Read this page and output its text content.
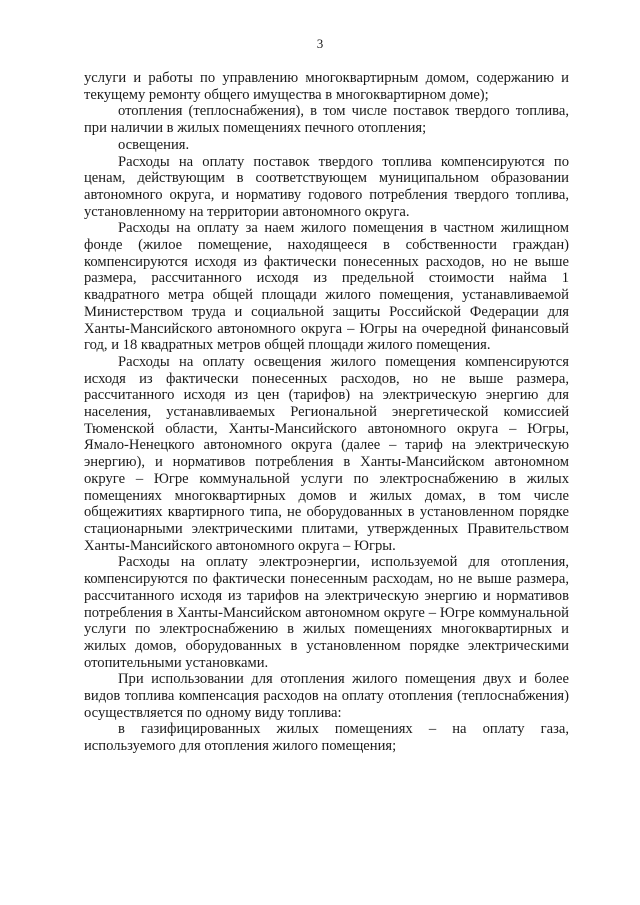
3

услуги и работы по управлению многоквартирным домом, содержанию и текущему ремонту общего имущества в многоквартирном доме);

отопления (теплоснабжения), в том числе поставок твердого топлива, при наличии в жилых помещениях печного отопления;

освещения.

Расходы на оплату поставок твердого топлива компенсируются по ценам, действующим в соответствующем муниципальном образовании автономного округа, и нормативу годового потребления твердого топлива, установленному на территории автономного округа.

Расходы на оплату за наем жилого помещения в частном жилищном фонде (жилое помещение, находящееся в собственности граждан) компенсируются исходя из фактически понесенных расходов, но не выше размера, рассчитанного исходя из предельной стоимости найма 1 квадратного метра общей площади жилого помещения, устанавливаемой Министерством труда и социальной защиты Российской Федерации для Ханты-Мансийского автономного округа – Югры на очередной финансовый год, и 18 квадратных метров общей площади жилого помещения.

Расходы на оплату освещения жилого помещения компенсируются исходя из фактически понесенных расходов, но не выше размера, рассчитанного исходя из цен (тарифов) на электрическую энергию для населения, устанавливаемых Региональной энергетической комиссией Тюменской области, Ханты-Мансийского автономного округа – Югры, Ямало-Ненецкого автономного округа (далее – тариф на электрическую энергию), и нормативов потребления в Ханты-Мансийском автономном округе – Югре коммунальной услуги по электроснабжению в жилых помещениях многоквартирных домов и жилых домах, в том числе общежитиях квартирного типа, не оборудованных в установленном порядке стационарными электрическими плитами, утвержденных Правительством Ханты-Мансийского автономного округа – Югры.

Расходы на оплату электроэнергии, используемой для отопления, компенсируются по фактически понесенным расходам, но не выше размера, рассчитанного исходя из тарифов на электрическую энергию и нормативов потребления в Ханты-Мансийском автономном округе – Югре коммунальной услуги по электроснабжению в жилых помещениях многоквартирных и жилых домов, оборудованных в установленном порядке электрическими отопительными установками.

При использовании для отопления жилого помещения двух и более видов топлива компенсация расходов на оплату отопления (теплоснабжения) осуществляется по одному виду топлива:

в газифицированных жилых помещениях – на оплату газа, используемого для отопления жилого помещения;
